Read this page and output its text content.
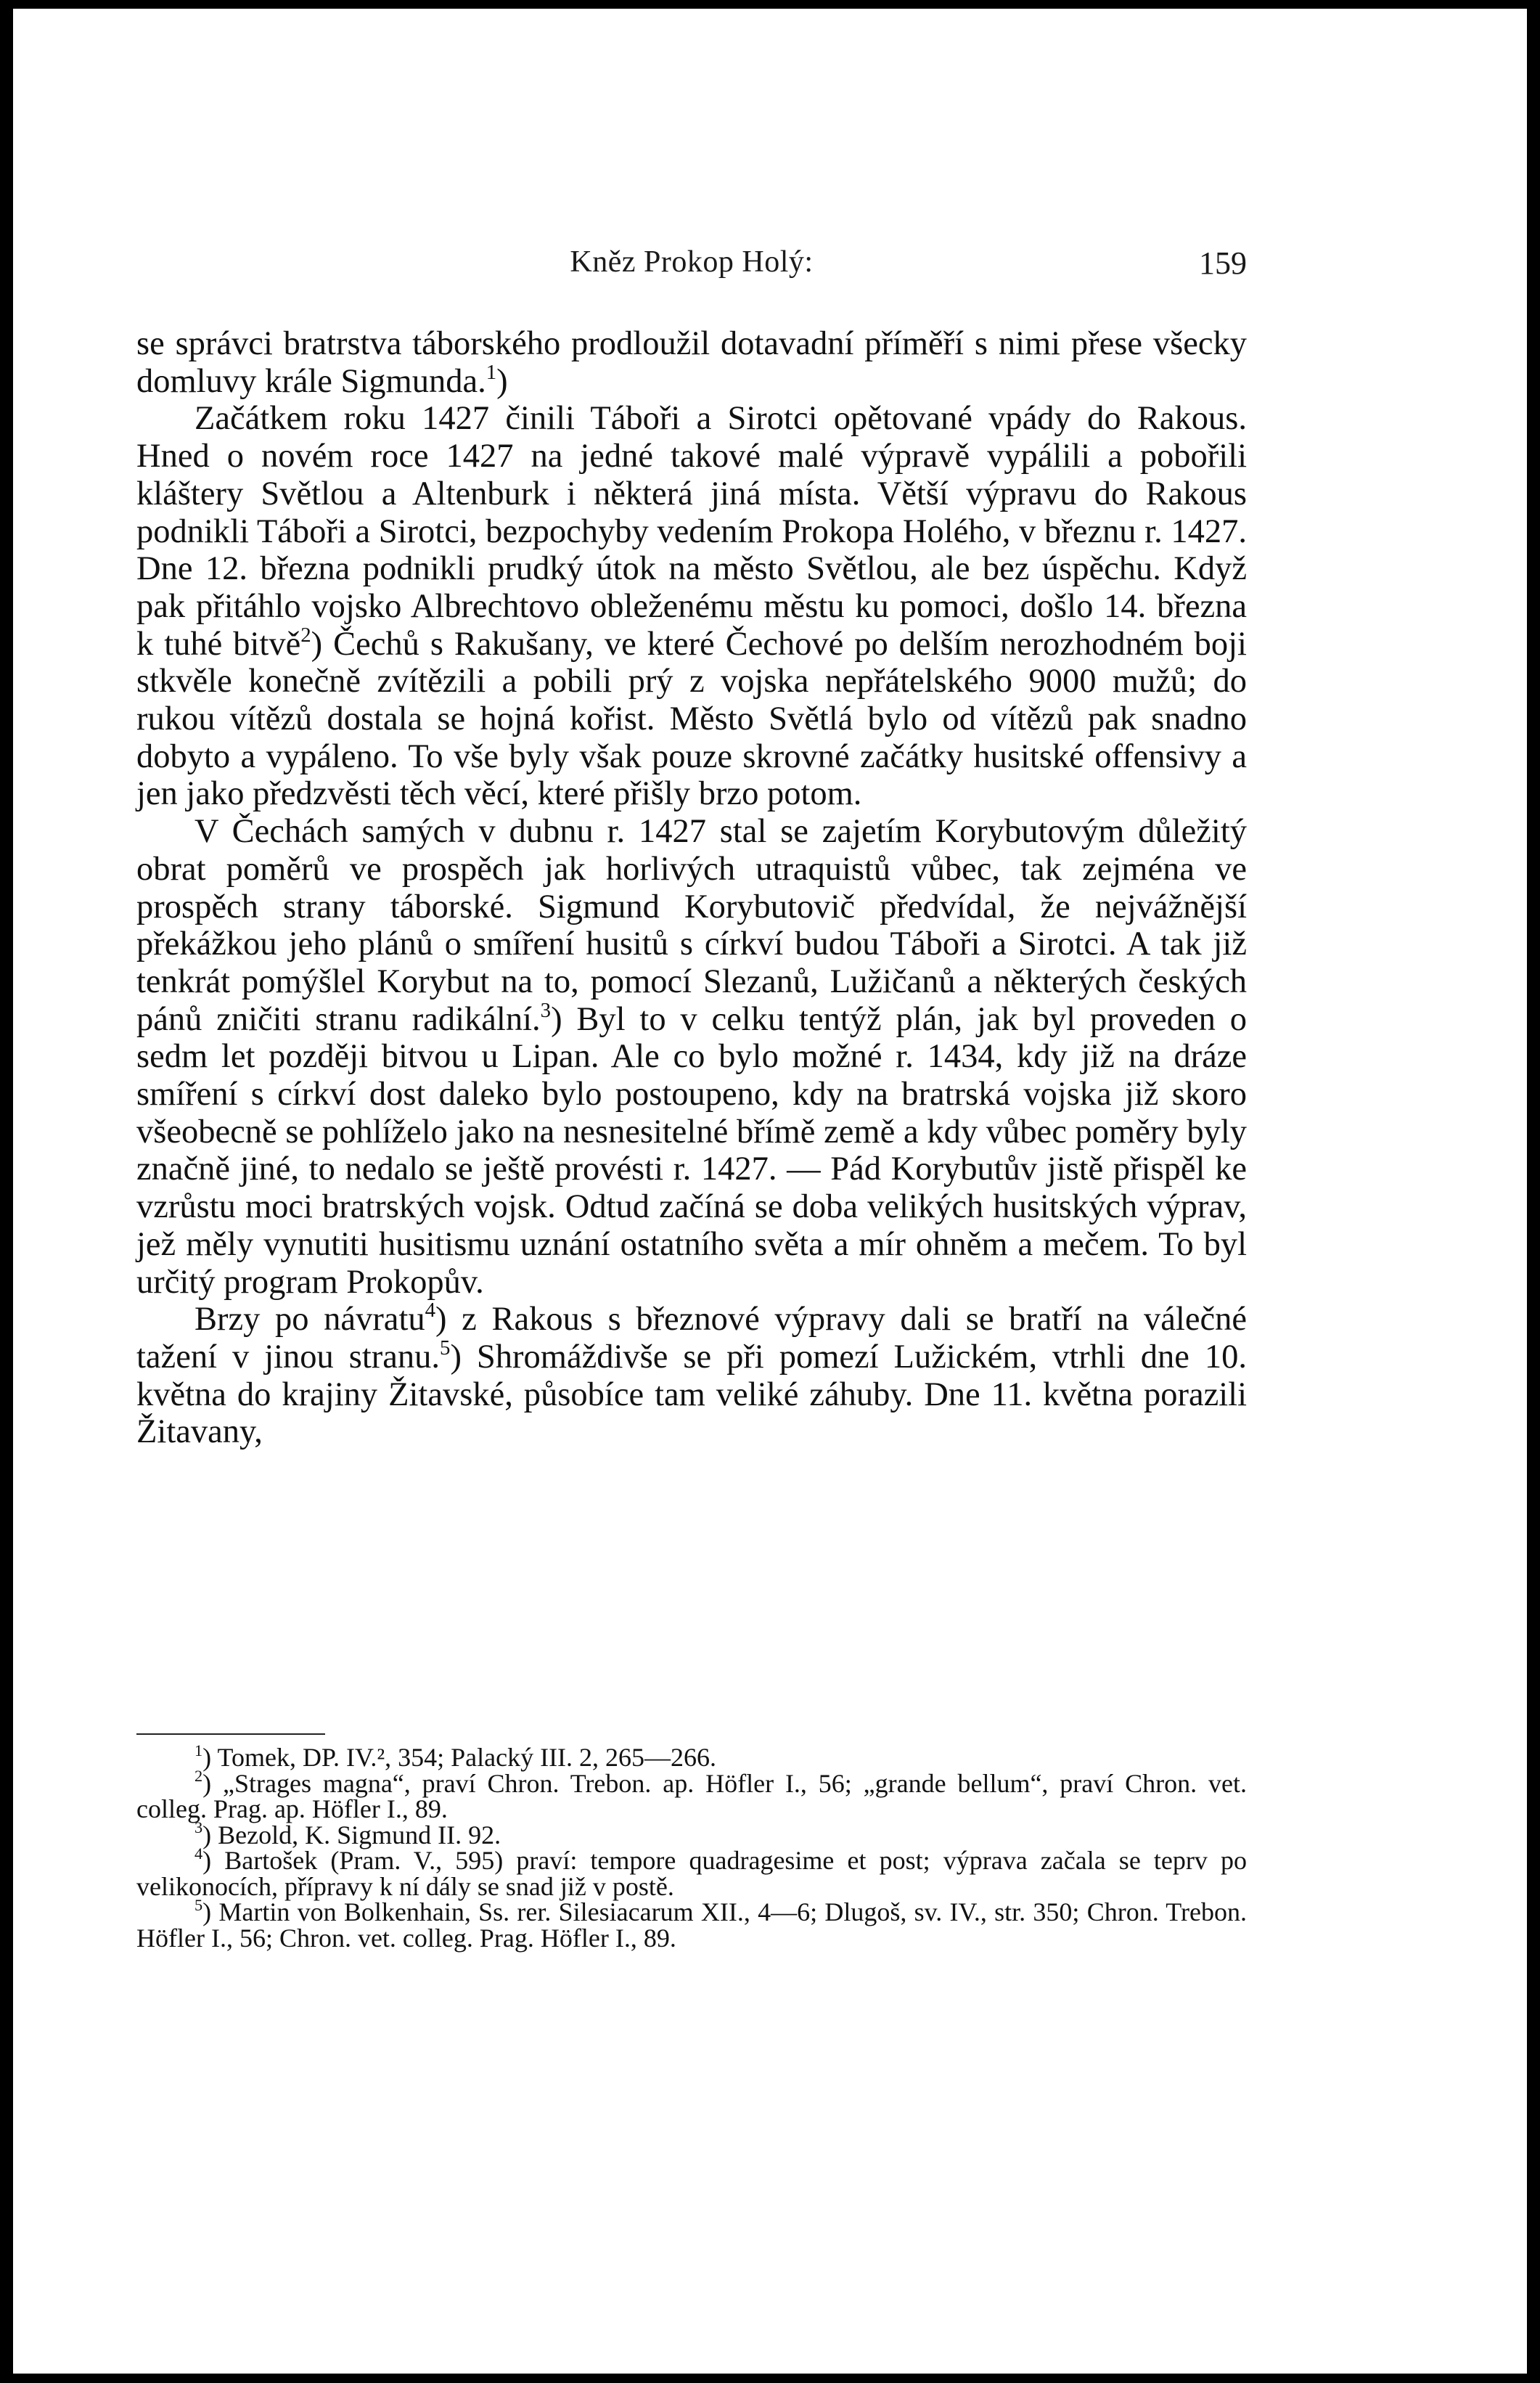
Kněz Prokop Holý:	159

se správci bratrstva táborského prodloužil dotavadní příměří s nimi přese všecky domluvy krále Sigmunda.$^1$)

Začátkem roku 1427 činili Táboři a Sirotci opětované vpády do Rakous. Hned o novém roce 1427 na jedné takové malé výpravě vypálili a pobořili kláštery Světlou a Altenburk i některá jiná místa. Větší výpravu do Rakous podnikli Táboři a Sirotci, bezpochyby vedením Prokopa Holého, v březnu r. 1427. Dne 12. března podnikli prudký útok na město Světlou, ale bez úspěchu. Když pak přitáhlo vojsko Albrechtovo obleženému městu ku pomoci, došlo 14. března k tuhé bitvě$^2$) Čechů s Rakušany, ve které Čechové po delším nerozhodném boji stkvěle konečně zvítězili a pobili prý z vojska nepřátelského 9000 mužů; do rukou vítězů dostala se hojná kořist. Město Světlá bylo od vítězů pak snadno dobyto a vypáleno. To vše byly však pouze skrovné začátky husitské offensivy a jen jako předzvěsti těch věcí, které přišly brzo potom.

V Čechách samých v dubnu r. 1427 stal se zajetím Korybutovým důležitý obrat poměrů ve prospěch jak horlivých utraquistů vůbec, tak zejména ve prospěch strany táborské. Sigmund Korybutovič předvídal, že nejvážnější překážkou jeho plánů o smíření husitů s církví budou Táboři a Sirotci. A tak již tenkrát pomýšlel Korybut na to, pomocí Slezanů, Lužičanů a některých českých pánů zničiti stranu radikální.$^3$) Byl to v celku tentýž plán, jak byl proveden o sedm let později bitvou u Lipan. Ale co bylo možné r. 1434, kdy již na dráze smíření s církví dost daleko bylo postoupeno, kdy na bratrská vojska již skoro všeobecně se pohlíželo jako na nesnesitelné břímě země a kdy vůbec poměry byly značně jiné, to nedalo se ještě provésti r. 1427. — Pád Korybutův jistě přispěl ke vzrůstu moci bratrských vojsk. Odtud začíná se doba velikých husitských výprav, jež měly vynutiti husitismu uznání ostatního světa a mír ohněm a mečem. To byl určitý program Prokopův.

Brzy po návratu$^4$) z Rakous s březnové výpravy dali se bratří na válečné tažení v jinou stranu.$^5$) Shromáždivše se při pomezí Lužickém, vtrhli dne 10. května do krajiny Žitavské, působíce tam veliké záhuby. Dne 11. května porazili Žitavany,

$^1$) Tomek, DP. IV.², 354; Palacký III. 2, 265—266.

$^2$) „Strages magna“, praví Chron. Trebon. ap. Höfler I., 56; „grande bellum“, praví Chron. vet. colleg. Prag. ap. Höfler I., 89.

$^3$) Bezold, K. Sigmund II. 92.

$^4$) Bartošek (Pram. V., 595) praví: tempore quadragesime et post; výprava začala se teprv po velikonocích, přípravy k ní dály se snad již v postě.

$^5$) Martin von Bolkenhain, Ss. rer. Silesiacarum XII., 4—6; Dlugoš, sv. IV., str. 350; Chron. Trebon. Höfler I., 56; Chron. vet. colleg. Prag. Höfler I., 89.
